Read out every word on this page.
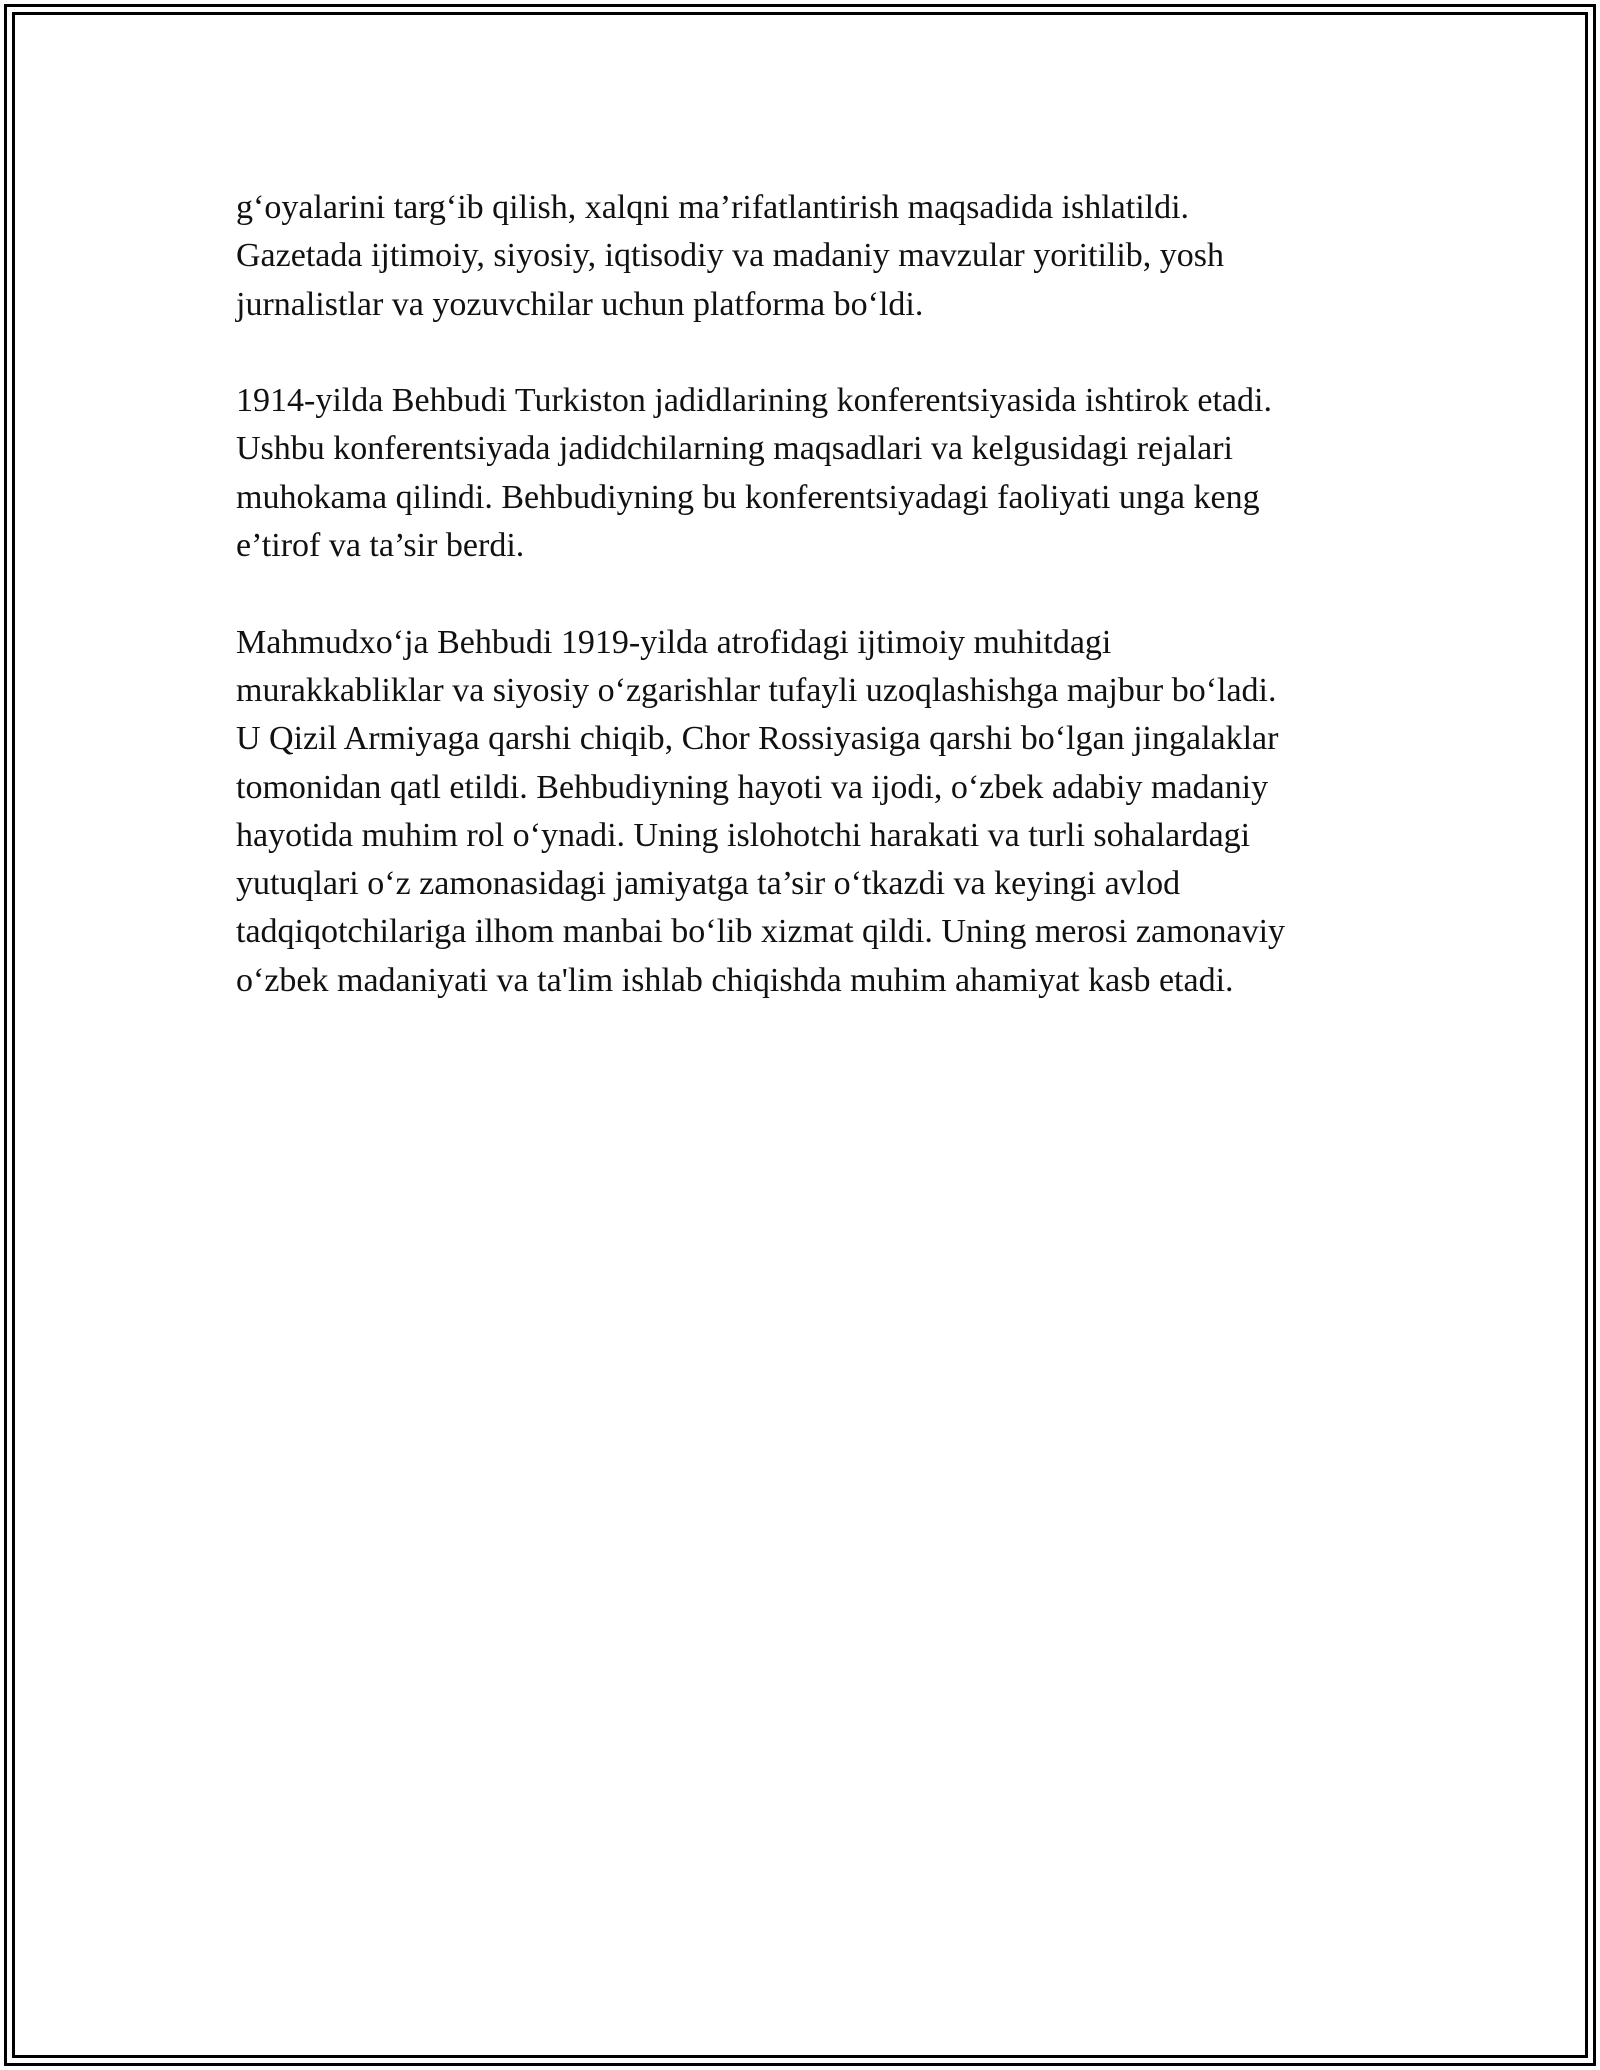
g‘oyalarini targ‘ib qilish, xalqni ma’rifatlantirish maqsadida ishlatildi.
Gazetada ijtimoiy, siyosiy, iqtisodiy va madaniy mavzular yoritilib, yosh
jurnalistlar va yozuvchilar uchun platforma bo‘ldi.

1914-yilda Behbudi Turkiston jadidlarining konferentsiyasida ishtirok etadi.
Ushbu konferentsiyada jadidchilarning maqsadlari va kelgusidagi rejalari
muhokama qilindi. Behbudiyning bu konferentsiyadagi faoliyati unga keng
e’tirof va ta’sir berdi.

Mahmudxo‘ja Behbudi 1919-yilda atrofidagi ijtimoiy muhitdagi
murakkabliklar va siyosiy o‘zgarishlar tufayli uzoqlashishga majbur bo‘ladi.
U Qizil Armiyaga qarshi chiqib, Chor Rossiyasiga qarshi bo‘lgan jingalaklar
tomonidan qatl etildi. Behbudiyning hayoti va ijodi, o‘zbek adabiy madaniy
hayotida muhim rol o‘ynadi. Uning islohotchi harakati va turli sohalardagi
yutuqlari o‘z zamonasidagi jamiyatga ta’sir o‘tkazdi va keyingi avlod
tadqiqotchilariga ilhom manbai bo‘lib xizmat qildi. Uning merosi zamonaviy
o‘zbek madaniyati va ta'lim ishlab chiqishda muhim ahamiyat kasb etadi.
